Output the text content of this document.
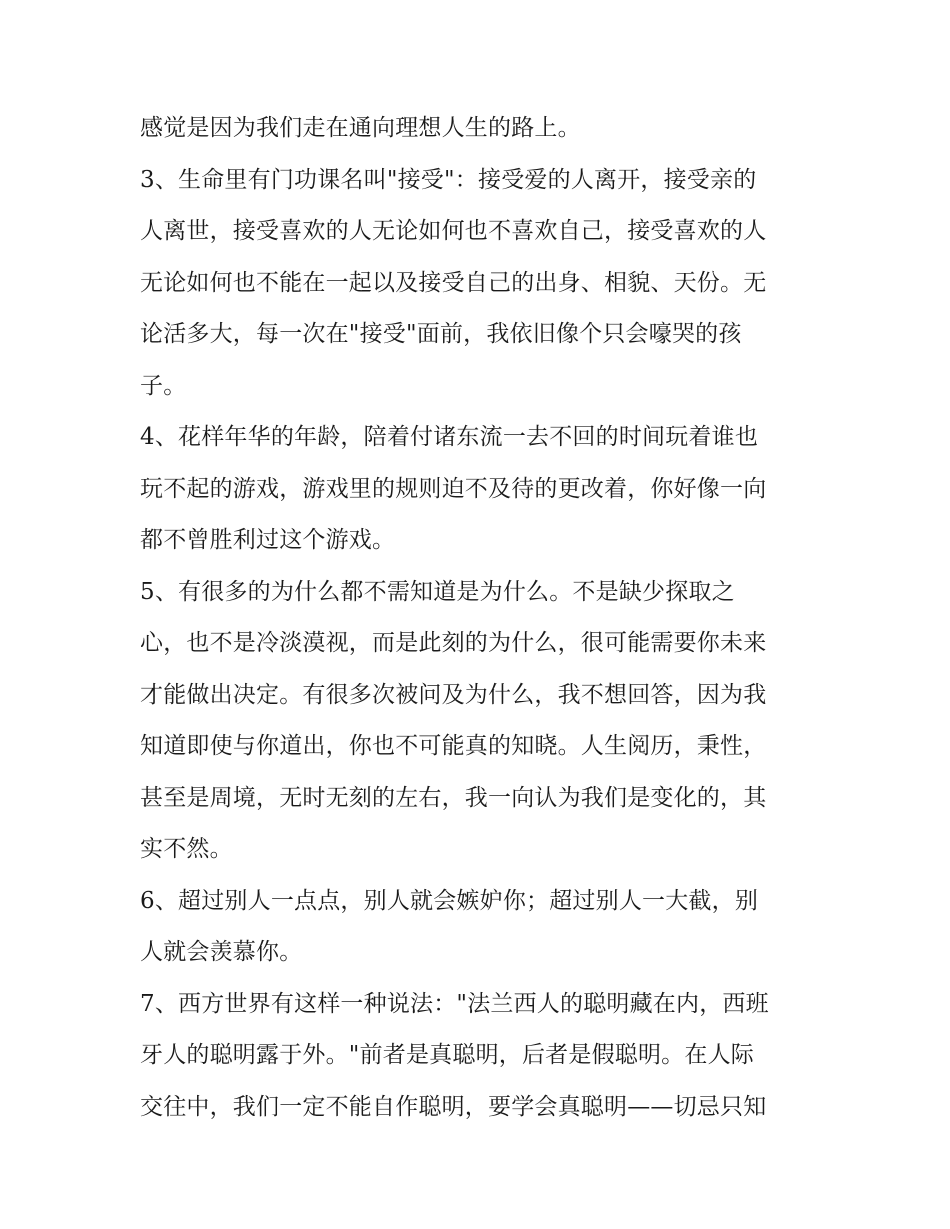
感觉是因为我们走在通向理想人生的路上。
3、生命里有门功课名叫"接受"：接受爱的人离开，接受亲的
人离世，接受喜欢的人无论如何也不喜欢自己，接受喜欢的人
无论如何也不能在一起以及接受自己的出身、相貌、天份。无
论活多大，每一次在"接受"面前，我依旧像个只会嚎哭的孩
子。
4、花样年华的年龄，陪着付诸东流一去不回的时间玩着谁也
玩不起的游戏，游戏里的规则迫不及待的更改着，你好像一向
都不曾胜利过这个游戏。
5、有很多的为什么都不需知道是为什么。不是缺少探取之
心，也不是冷淡漠视，而是此刻的为什么，很可能需要你未来
才能做出决定。有很多次被问及为什么，我不想回答，因为我
知道即使与你道出，你也不可能真的知晓。人生阅历，秉性，
甚至是周境，无时无刻的左右，我一向认为我们是变化的，其
实不然。
6、超过别人一点点，别人就会嫉妒你；超过别人一大截，别
人就会羡慕你。
7、西方世界有这样一种说法："法兰西人的聪明藏在内，西班
牙人的聪明露于外。"前者是真聪明，后者是假聪明。在人际
交往中，我们一定不能自作聪明，要学会真聪明——切忌只知
